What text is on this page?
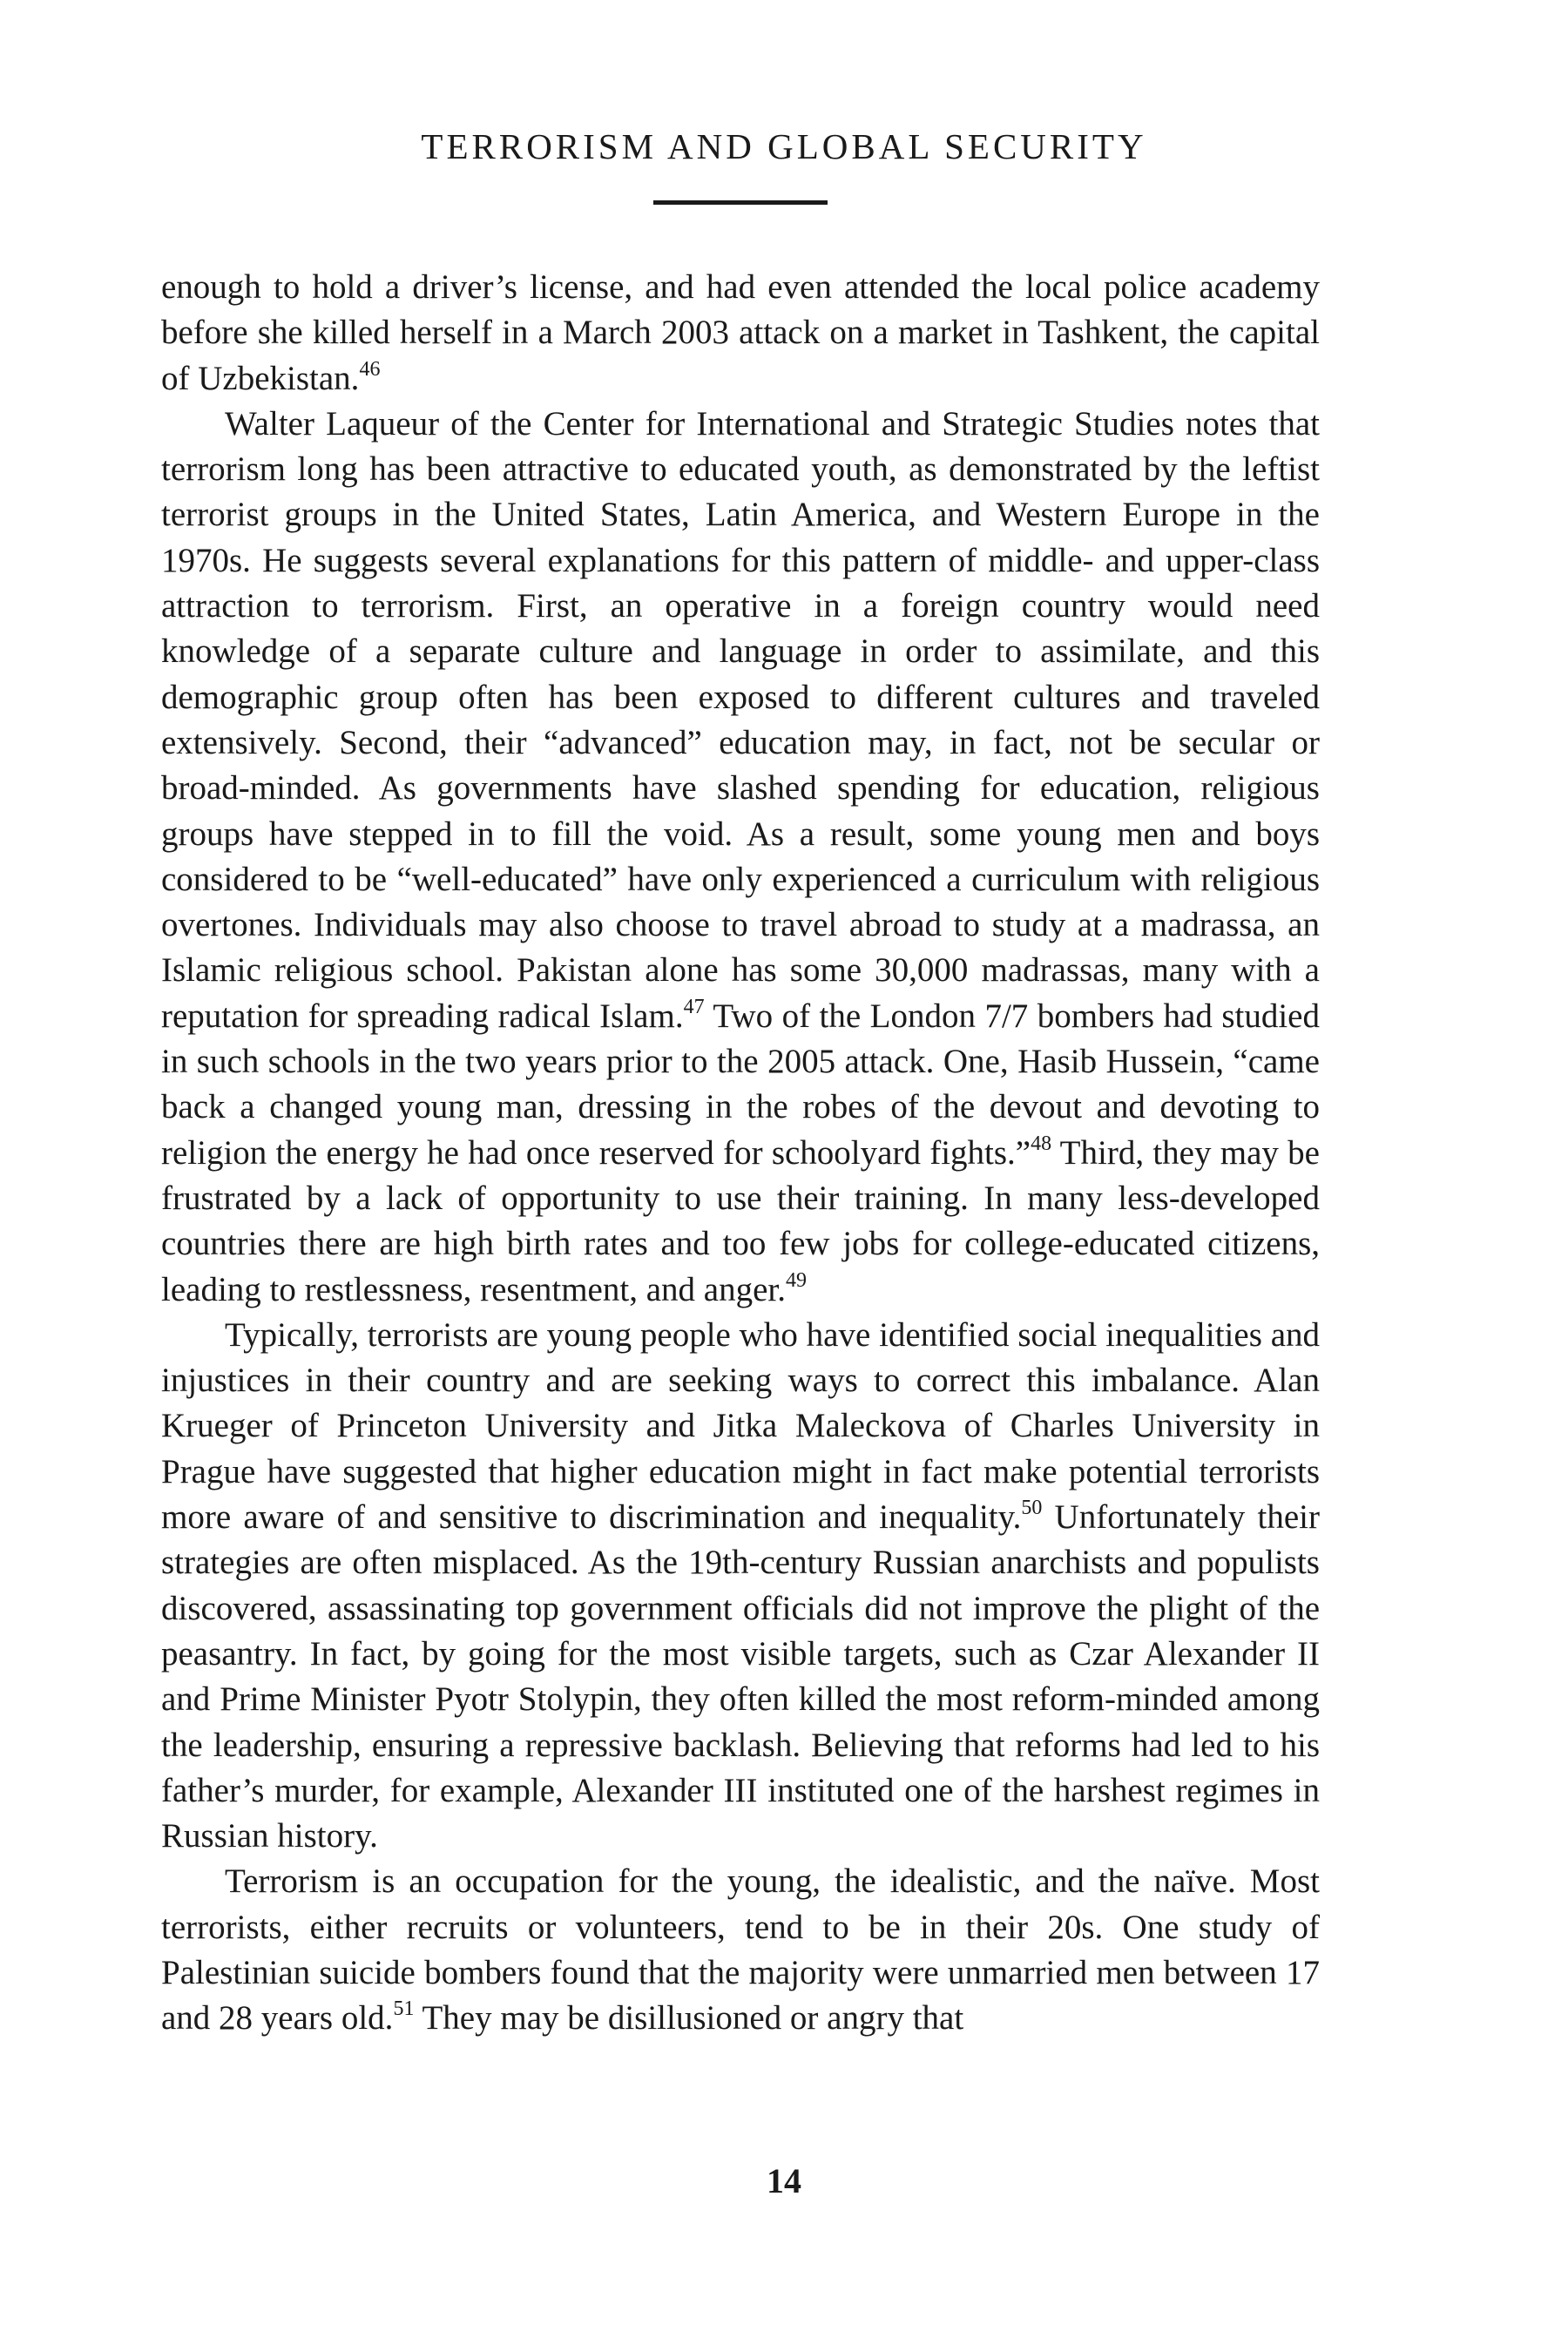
TERRORISM AND GLOBAL SECURITY

enough to hold a driver’s license, and had even attended the local police academy before she killed herself in a March 2003 attack on a market in Tashkent, the capital of Uzbekistan.$^{46}$

Walter Laqueur of the Center for International and Strategic Studies notes that terrorism long has been attractive to educated youth, as demonstrated by the leftist terrorist groups in the United States, Latin America, and Western Europe in the 1970s. He suggests several explanations for this pattern of middle- and upper-class attraction to terrorism. First, an operative in a foreign country would need knowledge of a separate culture and language in order to assimilate, and this demographic group often has been exposed to different cultures and traveled extensively. Second, their “advanced” education may, in fact, not be secular or broad-minded. As governments have slashed spending for education, religious groups have stepped in to fill the void. As a result, some young men and boys considered to be “well-educated” have only experienced a curriculum with religious overtones. Individuals may also choose to travel abroad to study at a madrassa, an Islamic religious school. Pakistan alone has some 30,000 madrassas, many with a reputation for spreading radical Islam.$^{47}$ Two of the London 7/7 bombers had studied in such schools in the two years prior to the 2005 attack. One, Hasib Hussein, “came back a changed young man, dressing in the robes of the devout and devoting to religion the energy he had once reserved for schoolyard fights.”$^{48}$ Third, they may be frustrated by a lack of opportunity to use their training. In many less-developed countries there are high birth rates and too few jobs for college-educated citizens, leading to restlessness, resentment, and anger.$^{49}$

Typically, terrorists are young people who have identified social inequalities and injustices in their country and are seeking ways to correct this imbalance. Alan Krueger of Princeton University and Jitka Maleckova of Charles University in Prague have suggested that higher education might in fact make potential terrorists more aware of and sensitive to discrimination and inequality.$^{50}$ Unfortunately their strategies are often misplaced. As the 19th-century Russian anarchists and populists discovered, assassinating top government officials did not improve the plight of the peasantry. In fact, by going for the most visible targets, such as Czar Alexander II and Prime Minister Pyotr Stolypin, they often killed the most reform-minded among the leadership, ensuring a repressive backlash. Believing that reforms had led to his father’s murder, for example, Alexander III instituted one of the harshest regimes in Russian history.

Terrorism is an occupation for the young, the idealistic, and the naïve. Most terrorists, either recruits or volunteers, tend to be in their 20s. One study of Palestinian suicide bombers found that the majority were unmarried men between 17 and 28 years old.$^{51}$ They may be disillusioned or angry that

14
